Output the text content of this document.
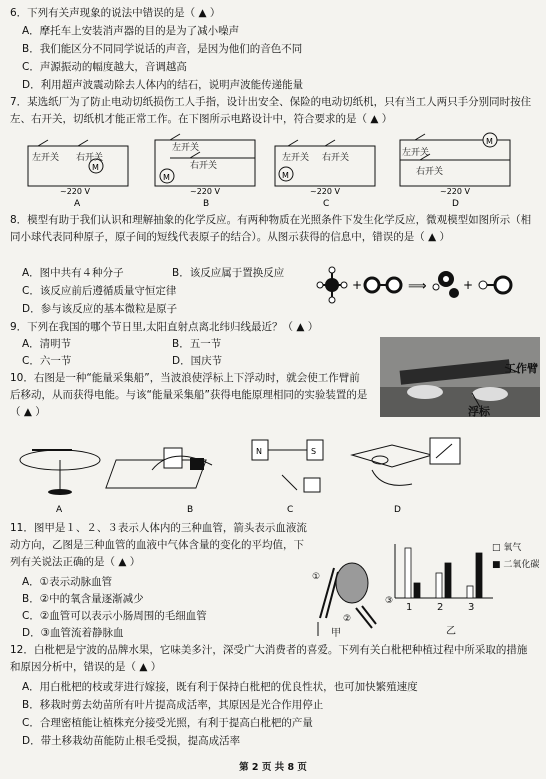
6．下列有关声现象的说法中错误的是（ ▲ ）
A．摩托车上安装消声器的目的是为了减小噪声
B．我们能区分不同同学说话的声音，是因为他们的音色不同
C．声源振动的幅度越大，音调越高
D．利用超声波震动除去人体内的结石，说明声波能传递能量
7．某选纸厂为了防止电动切纸损伤工人手指，设计出安全、保险的电动切纸机，只有当工人两只手分别同时按住左、右开关，切纸机才能正常工作。在下图所示电路设计中，符合要求的是（ ▲ ）
M
~220 V
A
M
~220 V
B
M
~220 V
C
M
~220 V
D
左开关 右开关
左开关
右开关
左开关 右开关	左开关
右开关
8．模型有助于我们认识和理解抽象的化学反应。有两种物质在光照条件下发生化学反应，微观模型如图所示（相同小球代表同种原子，原子间的短线代表原子的结合）。从图示获得的信息中，错误的是（ ▲ ）
A．图中共有４种分子	B．该反应属于置换反应
C．该反应前后遵循质量守恒定律
D．参与该反应的基本微粒是原子
+	⟹	+
9．下列在我国的哪个节日里,太阳直射点离北纬归线最近？（ ▲ ）
A．清明节	B．五一节
C．六一节	D．国庆节
工作臂
浮标
10．右图是一种“能量采集船”，当波浪使浮标上下浮动时，就会使工作臂前后移动，从而获得电能。与该“能量采集船”获得电能原理相同的实验装置的是（ ▲ ）
A	B
N	S
C	D
11．图甲是１、２、３表示人体内的三种血管，箭头表示血液流动方向，乙图是三种血管的血液中气体含量的变化的平均值，下列有关说法正确的是（ ▲ ）
A．①表示动脉血管
B．②中的氧含量逐渐减少
C．②血管可以表示小肠周围的毛细血管
D．③血管流着静脉血
①
②
③
甲
□ 氧气
■ 二氧化碳
1 2 3
乙
12．白枇杷是宁波的品牌水果，它味美多汁，深受广大消费者的喜爱。下列有关白枇杷种植过程中所采取的措施和原因分析中，错误的是（ ▲ ）
A．用白枇杷的枝或芽进行嫁接，既有利于保持白枇杷的优良性状，也可加快繁殖速度
B．移栽时剪去幼苗所有叶片提高成活率，其原因是光合作用停止
C．合理密植能让植株充分接受光照，有利于提高白枇杷的产量
D．带土移栽幼苗能防止根毛受损，提高成活率
第 2 页 共 8 页
